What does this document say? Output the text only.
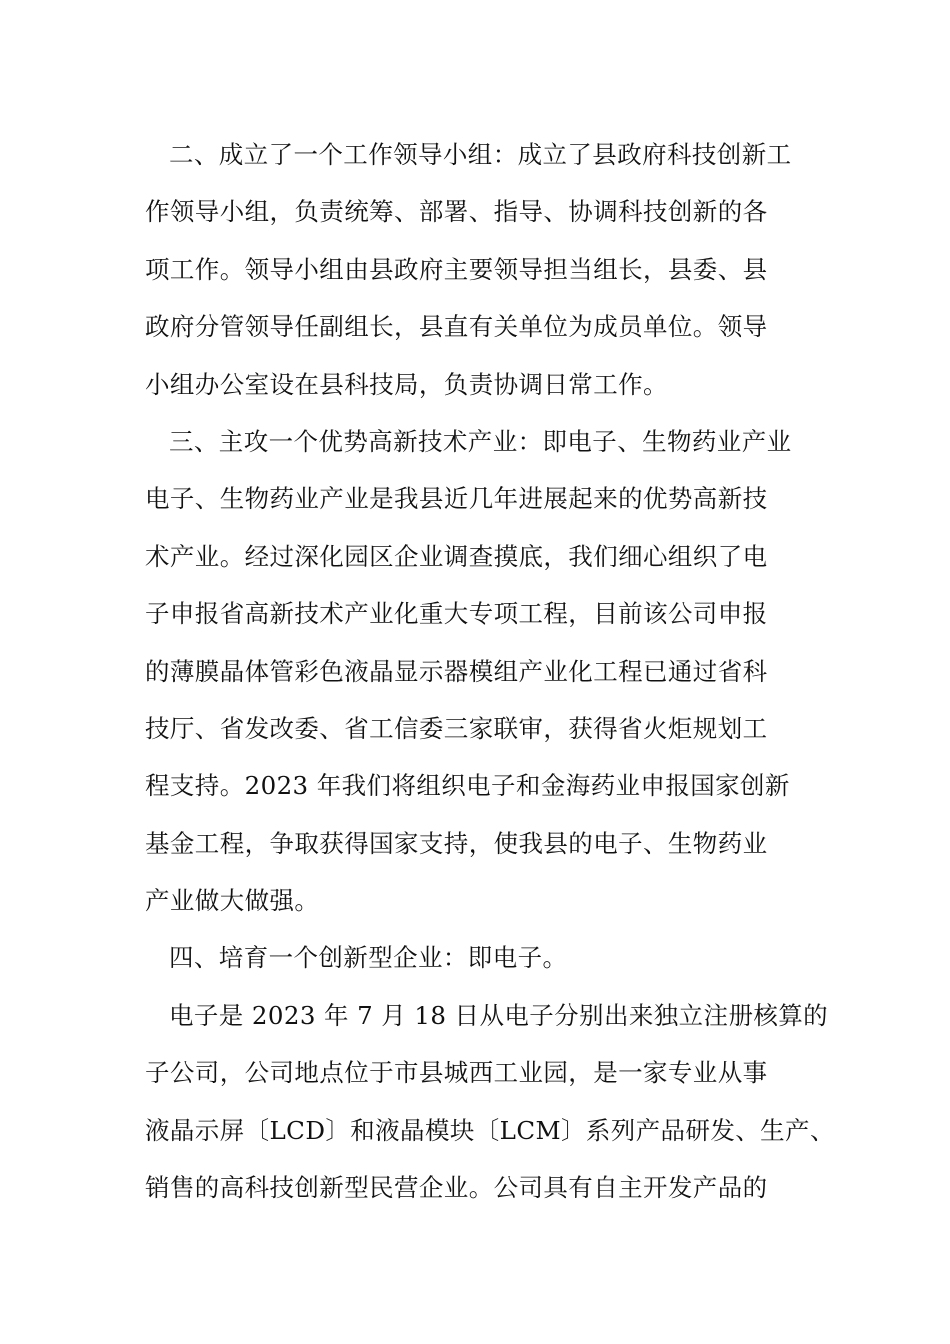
二、成立了一个工作领导小组：成立了县政府科技创新工
作领导小组，负责统筹、部署、指导、协调科技创新的各
项工作。领导小组由县政府主要领导担当组长，县委、县
政府分管领导任副组长，县直有关单位为成员单位。领导
小组办公室设在县科技局，负责协调日常工作。
三、主攻一个优势高新技术产业：即电子、生物药业产业
电子、生物药业产业是我县近几年进展起来的优势高新技
术产业。经过深化园区企业调查摸底，我们细心组织了电
子申报省高新技术产业化重大专项工程，目前该公司申报
的薄膜晶体管彩色液晶显示器模组产业化工程已通过省科
技厅、省发改委、省工信委三家联审，获得省火炬规划工
程支持。2023 年我们将组织电子和金海药业申报国家创新
基金工程，争取获得国家支持，使我县的电子、生物药业
产业做大做强。
四、培育一个创新型企业：即电子。
电子是 2023 年 7 月 18 日从电子分别出来独立注册核算的
子公司，公司地点位于市县城西工业园，是一家专业从事
液晶示屏〔LCD〕和液晶模块〔LCM〕系列产品研发、生产、
销售的高科技创新型民营企业。公司具有自主开发产品的
